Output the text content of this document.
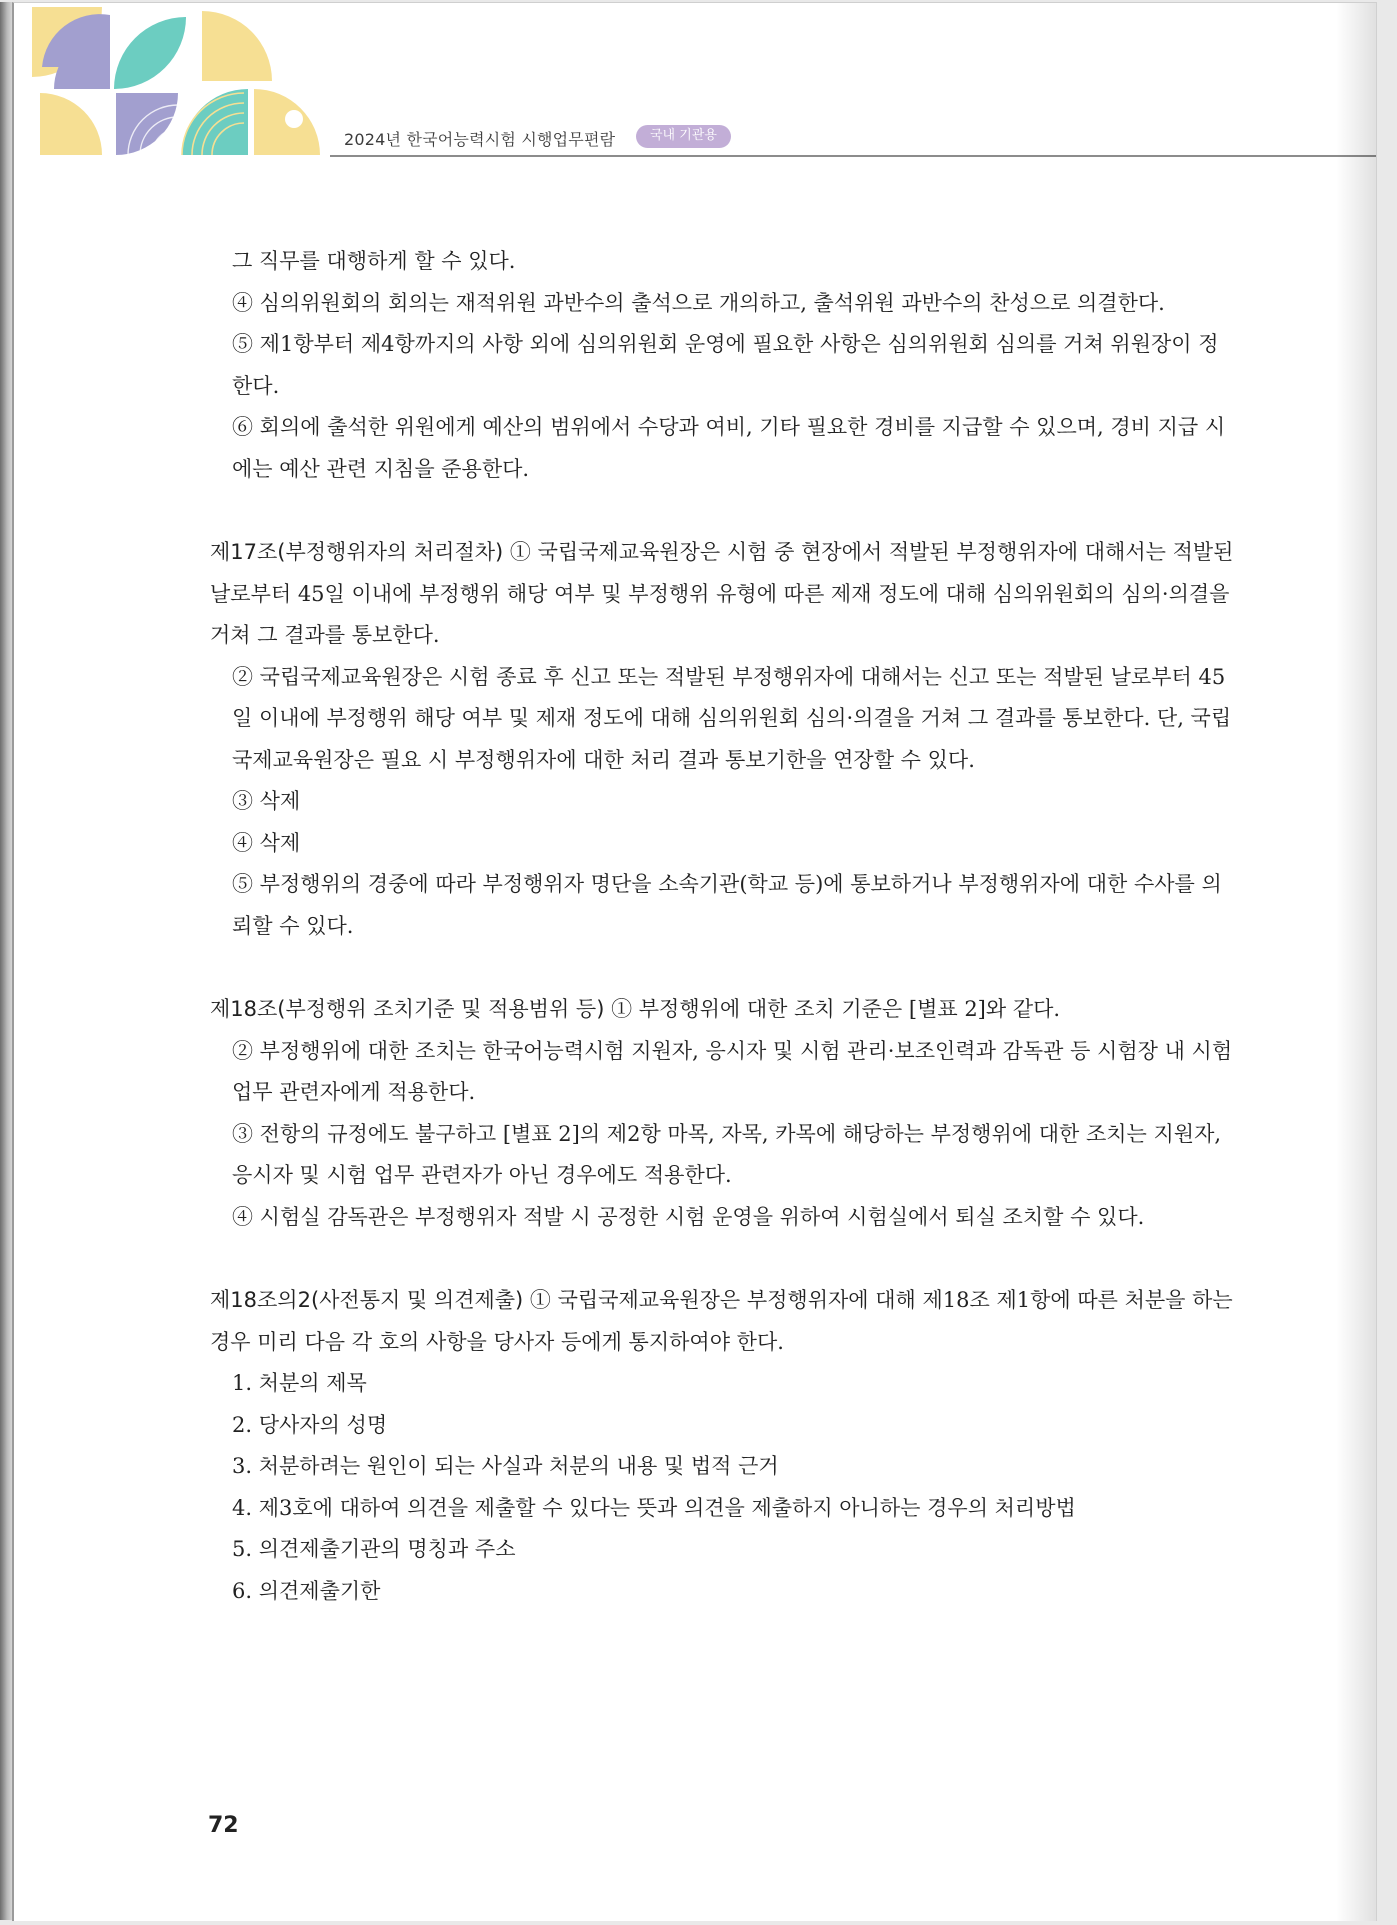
2024년 한국어능력시험 시행업무편람	국내 기관용

그 직무를 대행하게 할 수 있다.

④ 심의위원회의 회의는 재적위원 과반수의 출석으로 개의하고, 출석위원 과반수의 찬성으로 의결한다.

⑤ 제1항부터 제4항까지의 사항 외에 심의위원회 운영에 필요한 사항은 심의위원회 심의를 거쳐 위원장이 정한다.

⑥ 회의에 출석한 위원에게 예산의 범위에서 수당과 여비, 기타 필요한 경비를 지급할 수 있으며, 경비 지급 시에는 예산 관련 지침을 준용한다.

제17조(부정행위자의 처리절차) ① 국립국제교육원장은 시험 중 현장에서 적발된 부정행위자에 대해서는 적발된 날로부터 45일 이내에 부정행위 해당 여부 및 부정행위 유형에 따른 제재 정도에 대해 심의위원회의 심의·의결을 거쳐 그 결과를 통보한다.

② 국립국제교육원장은 시험 종료 후 신고 또는 적발된 부정행위자에 대해서는 신고 또는 적발된 날로부터 45일 이내에 부정행위 해당 여부 및 제재 정도에 대해 심의위원회 심의·의결을 거쳐 그 결과를 통보한다. 단, 국립국제교육원장은 필요 시 부정행위자에 대한 처리 결과 통보기한을 연장할 수 있다.

③ 삭제

④ 삭제

⑤ 부정행위의 경중에 따라 부정행위자 명단을 소속기관(학교 등)에 통보하거나 부정행위자에 대한 수사를 의뢰할 수 있다.

제18조(부정행위 조치기준 및 적용범위 등) ① 부정행위에 대한 조치 기준은 [별표 2]와 같다.

② 부정행위에 대한 조치는 한국어능력시험 지원자, 응시자 및 시험 관리·보조인력과 감독관 등 시험장 내 시험 업무 관련자에게 적용한다.

③ 전항의 규정에도 불구하고 [별표 2]의 제2항 마목, 자목, 카목에 해당하는 부정행위에 대한 조치는 지원자, 응시자 및 시험 업무 관련자가 아닌 경우에도 적용한다.

④ 시험실 감독관은 부정행위자 적발 시 공정한 시험 운영을 위하여 시험실에서 퇴실 조치할 수 있다.

제18조의2(사전통지 및 의견제출) ① 국립국제교육원장은 부정행위자에 대해 제18조 제1항에 따른 처분을 하는 경우 미리 다음 각 호의 사항을 당사자 등에게 통지하여야 한다.

1. 처분의 제목

2. 당사자의 성명

3. 처분하려는 원인이 되는 사실과 처분의 내용 및 법적 근거

4. 제3호에 대하여 의견을 제출할 수 있다는 뜻과 의견을 제출하지 아니하는 경우의 처리방법

5. 의견제출기관의 명칭과 주소

6. 의견제출기한

72
